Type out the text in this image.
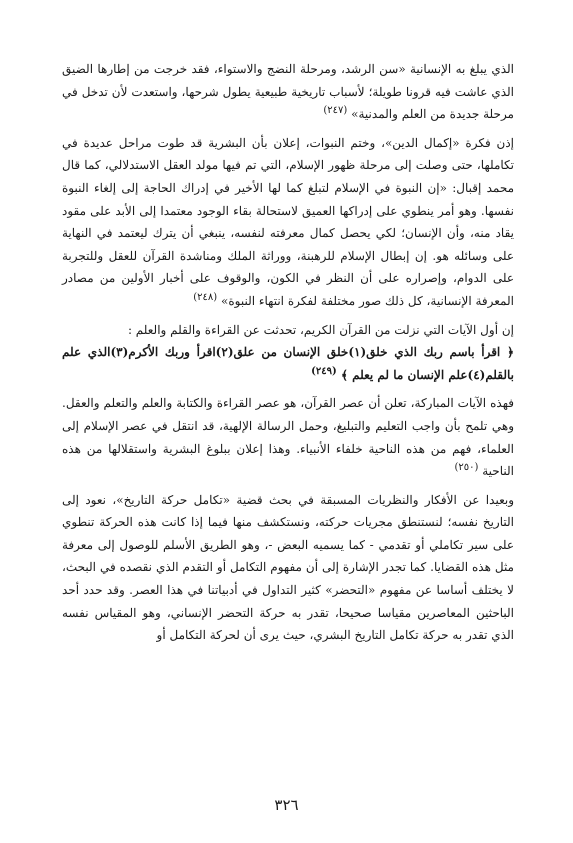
الذي يبلغ به الإنسانية «سن الرشد، ومرحلة النضج والاستواء، فقد خرجت من إطارها الضيق الذي عاشت فيه قرونا طويلة؛ لأسباب تاريخية طبيعية يطول شرحها، واستعدت لأن تدخل في مرحلة جديدة من العلم والمدنية» $^{(٢٤٧)}$

إذن فكرة «إكمال الدين»، وختم النبوات، إعلان بأن البشرية قد طوت مراحل عديدة في تكاملها، حتى وصلت إلى مرحلة ظهور الإسلام، التي تم فيها مولد العقل الاستدلالي، كما قال محمد إقبال: «إن النبوة في الإسلام لتبلغ كما لها الأخير في إدراك الحاجة إلى إلغاء النبوة نفسها. وهو أمر ينطوي على إدراكها العميق لاستحالة بقاء الوجود معتمدا إلى الأبد على مقود يقاد منه، وأن الإنسان؛ لكي يحصل كمال معرفته لنفسه، ينبغي أن يترك ليعتمد في النهاية على وسائله هو. إن إبطال الإسلام للرهبنة، ووراثة الملك ومناشدة القرآن للعقل وللتجربة على الدوام، وإصراره على أن النظر في الكون، والوقوف على أخبار الأولين من مصادر المعرفة الإنسانية، كل ذلك صور مختلفة لفكرة انتهاء النبوة» $^{(٢٤٨)}$

إن أول الآيات التي نزلت من القرآن الكريم، تحدثت عن القراءة والقلم والعلم :

﴿ اقرأ باسم ربك الذي خلق(١)خلق الإنسان من علق(٢)اقرأ وربك الأكرم(٣)الذي علم بالقلم(٤)علم الإنسان ما لم يعلم ﴾ $^{(٢٤٩)}$

فهذه الآيات المباركة، تعلن أن عصر القرآن، هو عصر القراءة والكتابة والعلم والتعلم والعقل. وهي تلمح بأن واجب التعليم والتبليغ، وحمل الرسالة الإلهية، قد انتقل في عصر الإسلام إلى العلماء، فهم من هذه الناحية خلفاء الأنبياء. وهذا إعلان ببلوغ البشرية واستقلالها من هذه الناحية $^{(٢٥٠)}$

وبعيدا عن الأفكار والنظريات المسبقة في بحث قضية «تكامل حركة التاريخ»، نعود إلى التاريخ نفسه؛ لنستنطق مجريات حركته، ونستكشف منها فيما إذا كانت هذه الحركة تنطوي على سير تكاملي أو تقدمي - كما يسميه البعض -، وهو الطريق الأسلم للوصول إلى معرفة مثل هذه القضايا. كما تجدر الإشارة إلى أن مفهوم التكامل أو التقدم الذي نقصده في البحث، لا يختلف أساسا عن مفهوم «التحضر» كثير التداول في أدبياتنا في هذا العصر. وقد حدد أحد الباحثين المعاصرين مقياسا صحيحا، تقدر به حركة التحضر الإنساني، وهو المقياس نفسه الذي تقدر به حركة تكامل التاريخ البشري، حيث يرى أن لحركة التكامل أو

٣٢٦
